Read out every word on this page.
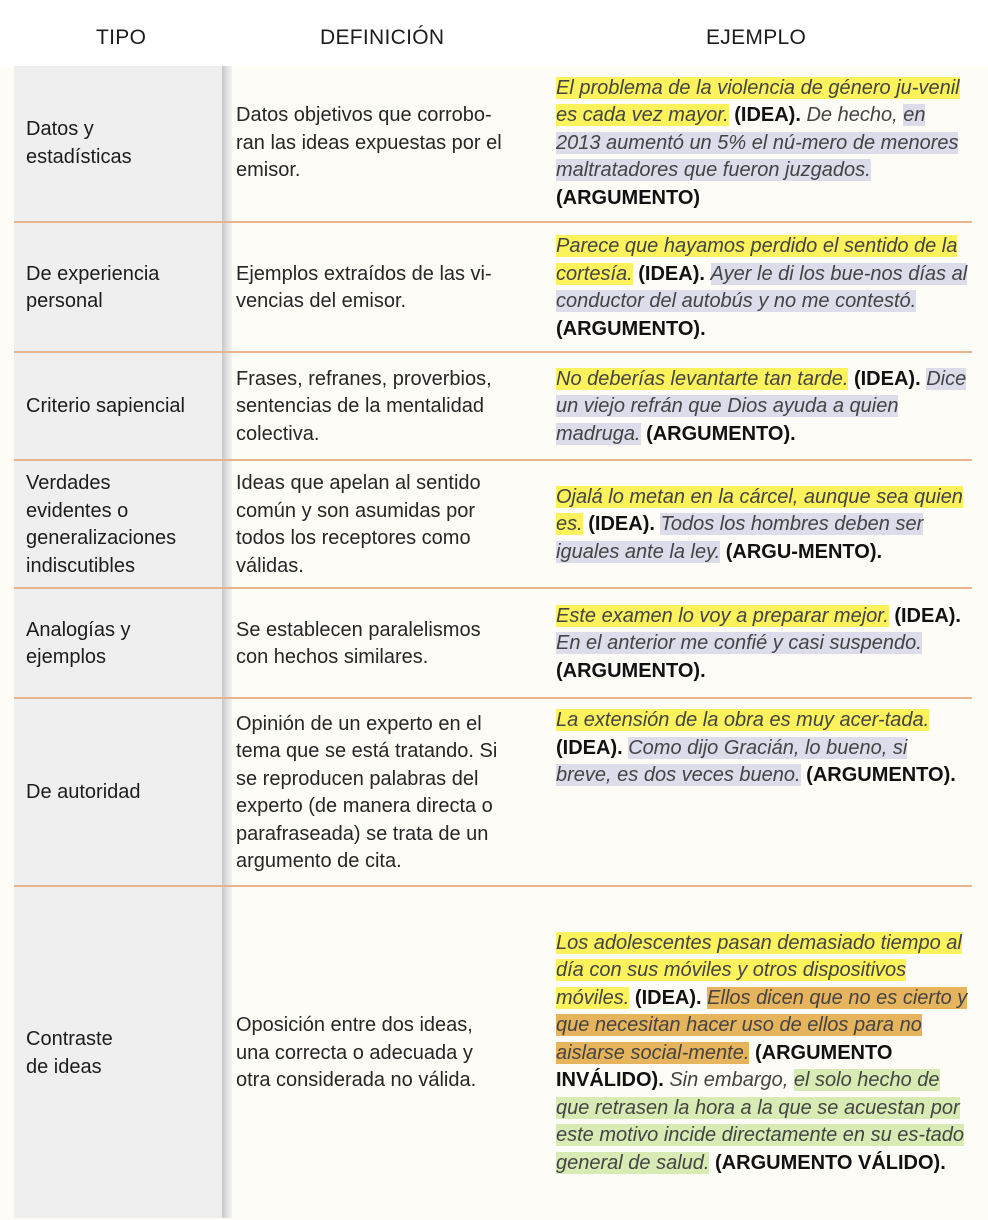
TIPO	DEFINICIÓN	EJEMPLO
Datos y
estadísticas
Datos objetivos que corrobo-
ran las ideas expuestas por el
emisor.
El problema de la violencia de género ju-venil es cada vez mayor. (IDEA). De hecho, en 2013 aumentó un 5% el nú-mero de menores maltratadores que fueron juzgados. (ARGUMENTO)
De experiencia
personal
Ejemplos extraídos de las vi-
vencias del emisor.
Parece que hayamos perdido el sentido de la cortesía. (IDEA). Ayer le di los bue-nos días al conductor del autobús y no me contestó. (ARGUMENTO).
Criterio sapiencial
Frases, refranes, proverbios,
sentencias de la mentalidad
colectiva.
No deberías levantarte tan tarde. (IDEA). Dice un viejo refrán que Dios ayuda a quien madruga. (ARGUMENTO).
Verdades
evidentes o
generalizaciones
indiscutibles
Ideas que apelan al sentido
común y son asumidas por
todos los receptores como
válidas.
Ojalá lo metan en la cárcel, aunque sea quien es. (IDEA). Todos los hombres deben ser iguales ante la ley. (ARGU-MENTO).
Analogías y
ejemplos
Se establecen paralelismos
con hechos similares.
Este examen lo voy a preparar mejor. (IDEA). En el anterior me confié y casi suspendo. (ARGUMENTO).
De autoridad
Opinión de un experto en el
tema que se está tratando. Si
se reproducen palabras del
experto (de manera directa o
parafraseada) se trata de un
argumento de cita.
La extensión de la obra es muy acer-tada. (IDEA). Como dijo Gracián, lo bueno, si breve, es dos veces bueno. (ARGUMENTO).
Contraste
de ideas
Oposición entre dos ideas,
una correcta o adecuada y
otra considerada no válida.
Los adolescentes pasan demasiado tiempo al día con sus móviles y otros dispositivos móviles. (IDEA). Ellos dicen que no es cierto y que necesitan hacer uso de ellos para no aislarse social-mente. (ARGUMENTO INVÁLIDO). Sin embargo, el solo hecho de que retrasen la hora a la que se acuestan por este motivo incide directamente en su es-tado general de salud. (ARGUMENTO VÁLIDO).
